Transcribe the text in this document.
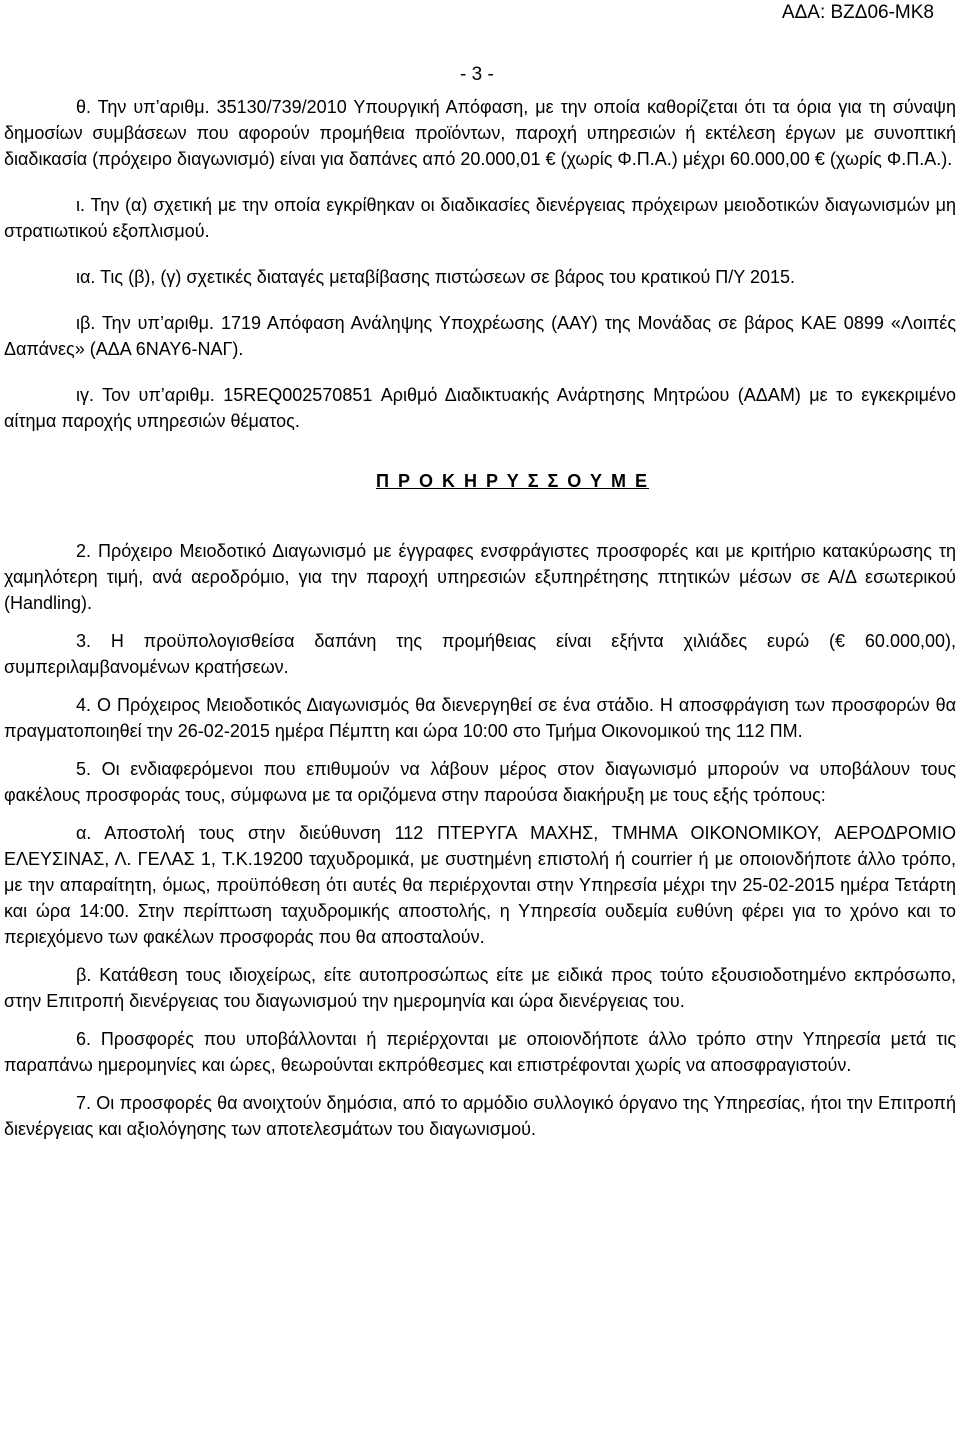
ΑΔΑ: ΒΖΔ06-ΜΚ8
- 3 -

θ. Την υπ’αριθμ. 35130/739/2010 Υπουργική Απόφαση, με την οποία καθορίζεται ότι τα όρια για τη σύναψη δημοσίων συμβάσεων που αφορούν προμήθεια προϊόντων, παροχή υπηρεσιών ή εκτέλεση έργων με συνοπτική διαδικασία (πρόχειρο διαγωνισμό) είναι για δαπάνες από 20.000,01 € (χωρίς Φ.Π.Α.) μέχρι 60.000,00 € (χωρίς Φ.Π.Α.).

ι. Την (α) σχετική με την οποία εγκρίθηκαν οι διαδικασίες διενέργειας πρόχειρων μειοδοτικών διαγωνισμών μη στρατιωτικού εξοπλισμού.

ια. Τις (β), (γ) σχετικές διαταγές μεταβίβασης πιστώσεων σε βάρος του κρατικού Π/Υ 2015.

ιβ. Την υπ’αριθμ. 1719 Απόφαση Ανάληψης Υποχρέωσης (ΑΑΥ) της Μονάδας σε βάρος ΚΑΕ 0899 «Λοιπές Δαπάνες» (ΑΔΑ 6ΝΑΥ6-ΝΑΓ).

ιγ. Τον υπ’αριθμ. 15REQ002570851 Αριθμό Διαδικτυακής Ανάρτησης Μητρώου (ΑΔΑΜ) με το εγκεκριμένο αίτημα παροχής υπηρεσιών θέματος.

Π Ρ Ο Κ Η Ρ Υ Σ Σ Ο Υ Μ Ε

2. Πρόχειρο Μειοδοτικό Διαγωνισμό με έγγραφες ενσφράγιστες προσφορές και με κριτήριο κατακύρωσης τη χαμηλότερη τιμή, ανά αεροδρόμιο, για την παροχή υπηρεσιών εξυπηρέτησης πτητικών μέσων σε Α/Δ εσωτερικού (Handling).

3. Η προϋπολογισθείσα δαπάνη της προμήθειας είναι εξήντα χιλιάδες ευρώ (€ 60.000,00), συμπεριλαμβανομένων κρατήσεων.

4. Ο Πρόχειρος Μειοδοτικός Διαγωνισμός θα διενεργηθεί σε ένα στάδιο. Η αποσφράγιση των προσφορών θα πραγματοποιηθεί την 26-02-2015 ημέρα Πέμπτη και ώρα 10:00 στο Τμήμα Οικονομικού της 112 ΠΜ.

5. Οι ενδιαφερόμενοι που επιθυμούν να λάβουν μέρος στον διαγωνισμό μπορούν να υποβάλουν τους φακέλους προσφοράς τους, σύμφωνα με τα οριζόμενα στην παρούσα διακήρυξη με τους εξής τρόπους:

α. Αποστολή τους στην διεύθυνση 112 ΠΤΕΡΥΓΑ ΜΑΧΗΣ, ΤΜΗΜΑ ΟΙΚΟΝΟΜΙΚΟΥ, ΑΕΡΟΔΡΟΜΙΟ ΕΛΕΥΣΙΝΑΣ, Λ. ΓΕΛΑΣ 1, Τ.Κ.19200 ταχυδρομικά, με συστημένη επιστολή ή courrier ή με οποιονδήποτε άλλο τρόπο, με την απαραίτητη, όμως, προϋπόθεση ότι αυτές θα περιέρχονται στην Υπηρεσία μέχρι την 25-02-2015 ημέρα Τετάρτη και ώρα 14:00. Στην περίπτωση ταχυδρομικής αποστολής, η Υπηρεσία ουδεμία ευθύνη φέρει για το χρόνο και το περιεχόμενο των φακέλων προσφοράς που θα αποσταλούν.

β. Κατάθεση τους ιδιοχείρως, είτε αυτοπροσώπως είτε με ειδικά προς τούτο εξουσιοδοτημένο εκπρόσωπο, στην Επιτροπή διενέργειας του διαγωνισμού την ημερομηνία και ώρα διενέργειας του.

6. Προσφορές που υποβάλλονται ή περιέρχονται με οποιονδήποτε άλλο τρόπο στην Υπηρεσία μετά τις παραπάνω ημερομηνίες και ώρες, θεωρούνται εκπρόθεσμες και επιστρέφονται χωρίς να αποσφραγιστούν.

7. Οι προσφορές θα ανοιχτούν δημόσια, από το αρμόδιο συλλογικό όργανο της Υπηρεσίας, ήτοι την Επιτροπή διενέργειας και αξιολόγησης των αποτελεσμάτων του διαγωνισμού.
